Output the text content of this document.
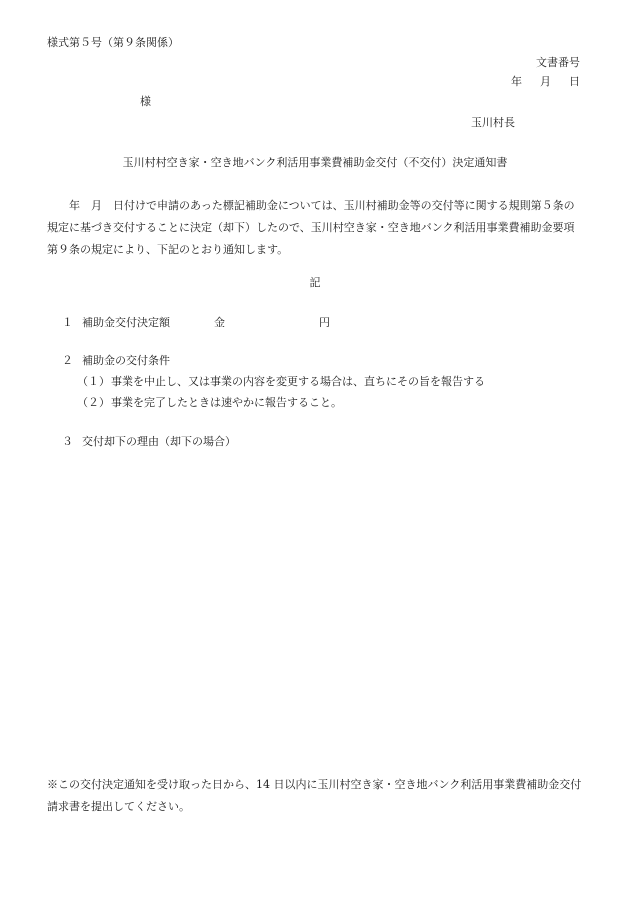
様式第５号（第９条関係）
文書番号
年 月 日
様
玉川村長
玉川村村空き家・空き地バンク利活用事業費補助金交付（不交付）決定通知書
年　月　日付けで申請のあった標記補助金については、玉川村補助金等の交付等に関する規則第５条の規定に基づき交付することに決定（却下）したので、玉川村空き家・空き地バンク利活用事業費補助金要項第９条の規定により、下記のとおり通知します。
記
１ 補助金交付決定額	金	円
２ 補助金の交付条件
（１）事業を中止し、又は事業の内容を変更する場合は、直ちにその旨を報告する
（２）事業を完了したときは速やかに報告すること。
３ 交付却下の理由（却下の場合）
※この交付決定通知を受け取った日から、14 日以内に玉川村空き家・空き地バンク利活用事業費補助金交付請求書を提出してください。
